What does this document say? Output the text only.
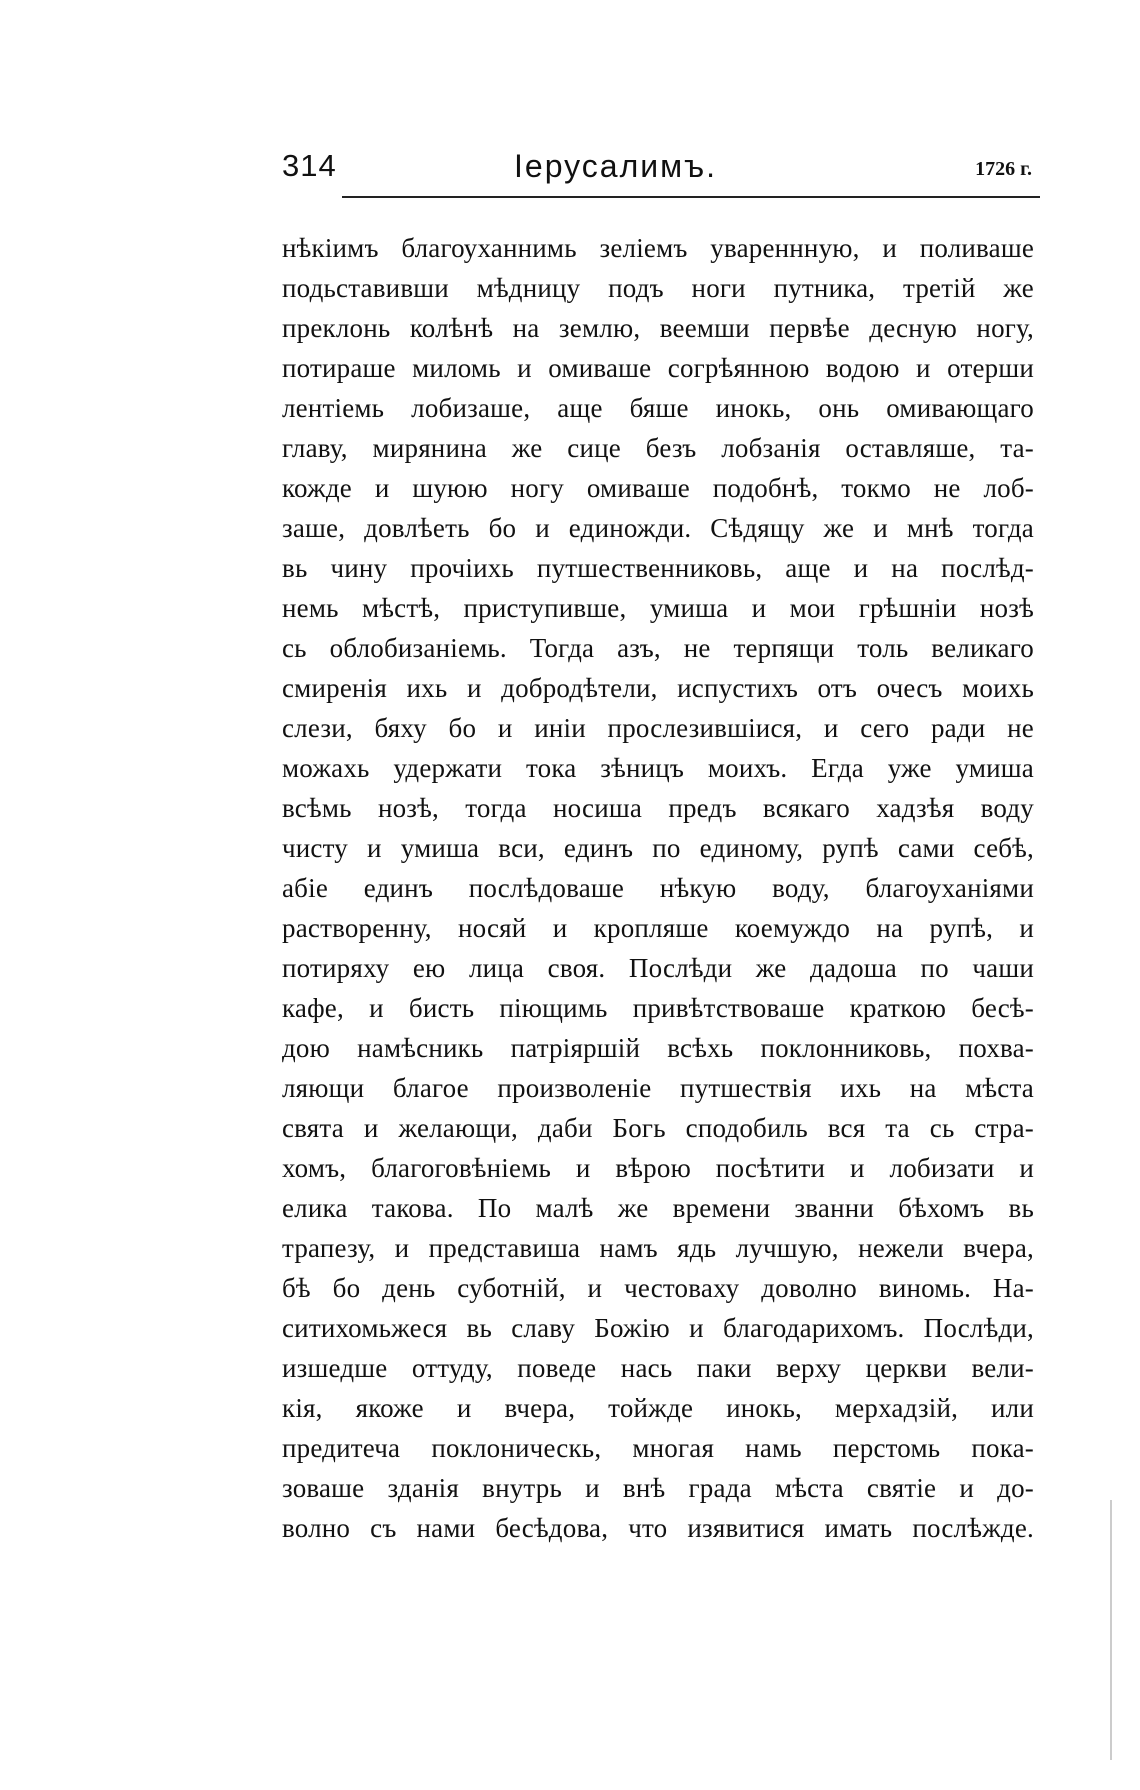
314	Іерусалимъ.	1726 г.
нѣкіимъ благоуханнимь зеліемъ увареннную, и поливаше
подьставивши мѣдницу подъ ноги путника, третій же
преклонь колѣнѣ на землю, веемши первѣе десную ногу,
потираше миломь и омиваше согрѣянною водою и отерши
лентіемь лобизаше, аще бяше инокь, онь омивающаго
главу, мирянина же сице безъ лобзанія оставляше, та-
кожде и шуюю ногу омиваше подобнѣ, токмо не лоб-
заше, довлѣеть бо и единожди. Сѣдящу же и мнѣ тогда
вь чину прочіихь путшественниковь, аще и на послѣд-
немь мѣстѣ, приступивше, умиша и мои грѣшніи нозѣ
сь облобизаніемь. Тогда азъ, не терпящи толь великаго
смиренія ихь и добродѣтели, испустихъ отъ очесъ моихь
слези, бяху бо и иніи прослезившіися, и сего ради не
можахь удержати тока зѣницъ моихъ. Егда уже умиша
всѣмь нозѣ, тогда носиша предъ всякаго хадзѣя воду
чисту и умиша вси, единъ по единому, рупѣ сами себѣ,
абіе единъ послѣдоваше нѣкую воду, благоуханіями
растворенну, носяй и кропляше коемуждо на рупѣ, и
потиряху ею лица своя. Послѣди же дадоша по чаши
кафе, и бисть піющимь привѣтствоваше краткою бесѣ-
дою намѣсникь патріяршій всѣхь поклонниковь, похва-
ляющи благое произволеніе путшествія ихь на мѣста
свята и желающи, даби Богь сподобиль вся та сь стра-
хомъ, благоговѣніемь и вѣрою посѣтити и лобизати и
елика такова. По малѣ же времени званни бѣхомъ вь
трапезу, и представиша намъ ядь лучшую, нежели вчера,
бѣ бо день суботній, и честоваху доволно виномь. На-
ситихомьжеся вь славу Божію и благодарихомъ. Послѣди,
изшедше оттуду, поведе нась паки верху церкви вели-
кія, якоже и вчера, тойжде инокь, мерхадзій, или
предитеча поклоническь, многая намь перстомь пока-
зоваше зданія внутрь и внѣ града мѣста святіе и до-
волно съ нами бесѣдова, что изявитися имать послѣжде.
